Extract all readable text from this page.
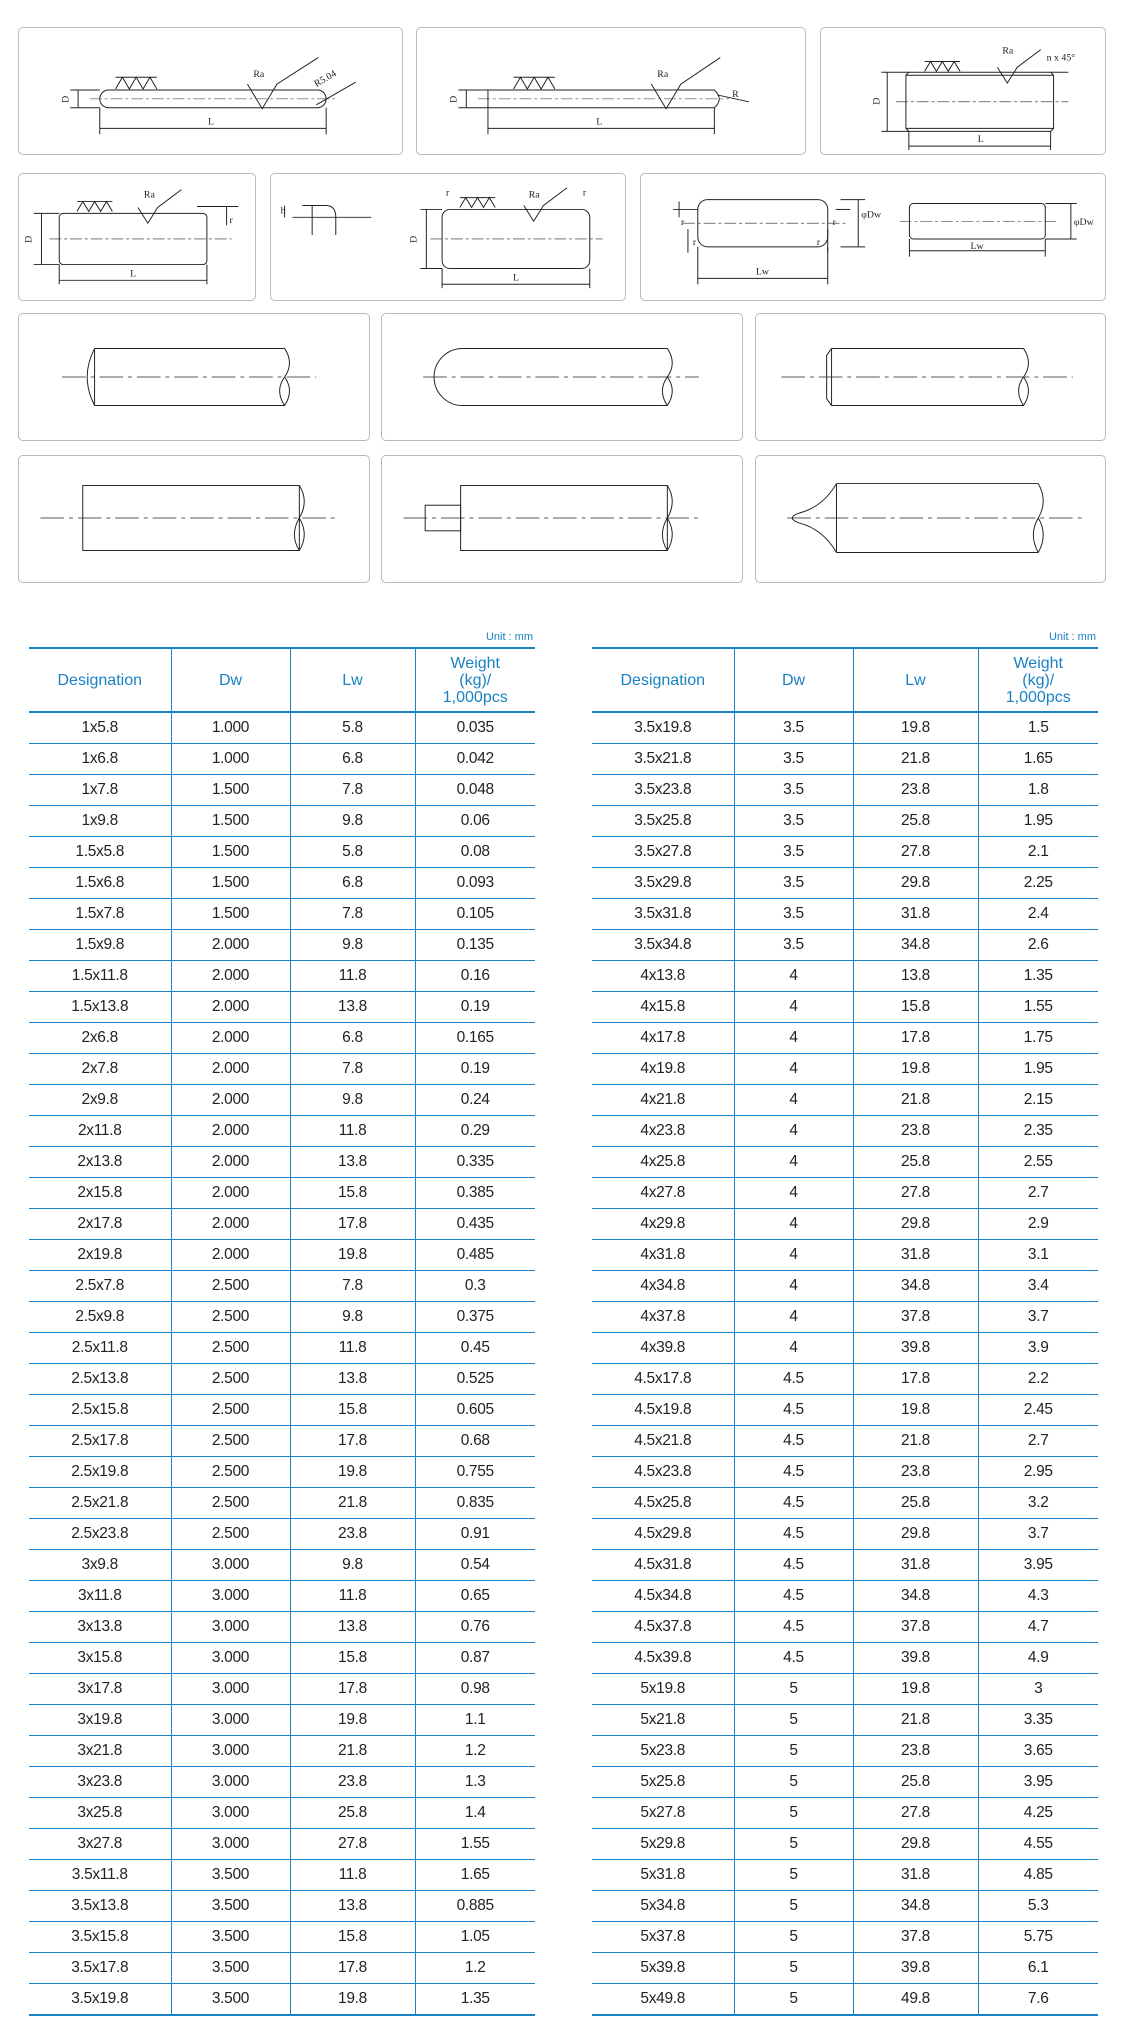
Ra	R5.04
D
L
Ra
R
D
L
Ra
n x 45°
D
L
Ra
r
D
L
h
Ra
r	r
D
L
r
r
r
r
φDw
Lw
φDw
Lw
Unit : mm
Designation	Dw	Lw	Weight
(kg)/
1,000pcs
1x5.8	1.000	5.8	0.035
1x6.8	1.000	6.8	0.042
1x7.8	1.500	7.8	0.048
1x9.8	1.500	9.8	0.06
1.5x5.8	1.500	5.8	0.08
1.5x6.8	1.500	6.8	0.093
1.5x7.8	1.500	7.8	0.105
1.5x9.8	2.000	9.8	0.135
1.5x11.8	2.000	11.8	0.16
1.5x13.8	2.000	13.8	0.19
2x6.8	2.000	6.8	0.165
2x7.8	2.000	7.8	0.19
2x9.8	2.000	9.8	0.24
2x11.8	2.000	11.8	0.29
2x13.8	2.000	13.8	0.335
2x15.8	2.000	15.8	0.385
2x17.8	2.000	17.8	0.435
2x19.8	2.000	19.8	0.485
2.5x7.8	2.500	7.8	0.3
2.5x9.8	2.500	9.8	0.375
2.5x11.8	2.500	11.8	0.45
2.5x13.8	2.500	13.8	0.525
2.5x15.8	2.500	15.8	0.605
2.5x17.8	2.500	17.8	0.68
2.5x19.8	2.500	19.8	0.755
2.5x21.8	2.500	21.8	0.835
2.5x23.8	2.500	23.8	0.91
3x9.8	3.000	9.8	0.54
3x11.8	3.000	11.8	0.65
3x13.8	3.000	13.8	0.76
3x15.8	3.000	15.8	0.87
3x17.8	3.000	17.8	0.98
3x19.8	3.000	19.8	1.1
3x21.8	3.000	21.8	1.2
3x23.8	3.000	23.8	1.3
3x25.8	3.000	25.8	1.4
3x27.8	3.000	27.8	1.55
3.5x11.8	3.500	11.8	1.65
3.5x13.8	3.500	13.8	0.885
3.5x15.8	3.500	15.8	1.05
3.5x17.8	3.500	17.8	1.2
3.5x19.8	3.500	19.8	1.35
Unit : mm
Designation	Dw	Lw	Weight
(kg)/
1,000pcs
3.5x19.8	3.5	19.8	1.5
3.5x21.8	3.5	21.8	1.65
3.5x23.8	3.5	23.8	1.8
3.5x25.8	3.5	25.8	1.95
3.5x27.8	3.5	27.8	2.1
3.5x29.8	3.5	29.8	2.25
3.5x31.8	3.5	31.8	2.4
3.5x34.8	3.5	34.8	2.6
4x13.8	4	13.8	1.35
4x15.8	4	15.8	1.55
4x17.8	4	17.8	1.75
4x19.8	4	19.8	1.95
4x21.8	4	21.8	2.15
4x23.8	4	23.8	2.35
4x25.8	4	25.8	2.55
4x27.8	4	27.8	2.7
4x29.8	4	29.8	2.9
4x31.8	4	31.8	3.1
4x34.8	4	34.8	3.4
4x37.8	4	37.8	3.7
4x39.8	4	39.8	3.9
4.5x17.8	4.5	17.8	2.2
4.5x19.8	4.5	19.8	2.45
4.5x21.8	4.5	21.8	2.7
4.5x23.8	4.5	23.8	2.95
4.5x25.8	4.5	25.8	3.2
4.5x29.8	4.5	29.8	3.7
4.5x31.8	4.5	31.8	3.95
4.5x34.8	4.5	34.8	4.3
4.5x37.8	4.5	37.8	4.7
4.5x39.8	4.5	39.8	4.9
5x19.8	5	19.8	3
5x21.8	5	21.8	3.35
5x23.8	5	23.8	3.65
5x25.8	5	25.8	3.95
5x27.8	5	27.8	4.25
5x29.8	5	29.8	4.55
5x31.8	5	31.8	4.85
5x34.8	5	34.8	5.3
5x37.8	5	37.8	5.75
5x39.8	5	39.8	6.1
5x49.8	5	49.8	7.6
